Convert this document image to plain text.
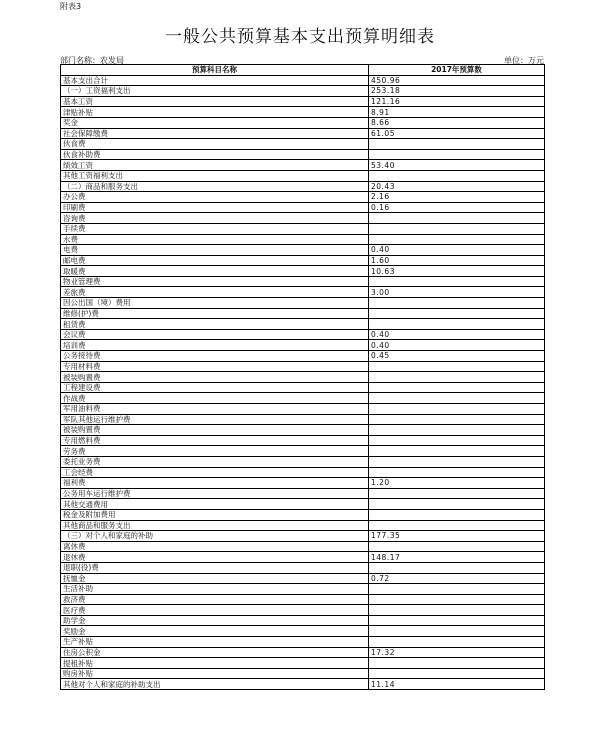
附表3
一般公共预算基本支出预算明细表
部门名称：农发局	单位：万元
预算科目名称	2017年预算数
基本支出合计	450.96
（一）工资福利支出	253.18
基本工资	121.16
津贴补贴	8.91
奖金	8.66
社会保障缴费	61.05
伙食费	
伙食补助费	
绩效工资	53.40
其他工资福利支出	
（二）商品和服务支出	20.43
办公费	2.16
印刷费	0.16
咨询费	
手续费	
水费	
电费	0.40
邮电费	1.60
取暖费	10.63
物业管理费	
差旅费	3.00
因公出国（境）费用	
维修(护)费	
租赁费	
会议费	0.40
培训费	0.40
公务接待费	0.45
专用材料费	
被装购置费	
工程建设费	
作战费	
军用油料费	
军队其他运行维护费	
被装购置费	
专用燃料费	
劳务费	
委托业务费	
工会经费	
福利费	1.20
公务用车运行维护费	
其他交通费用	
税金及附加费用	
其他商品和服务支出	
（三）对个人和家庭的补助	177.35
离休费	
退休费	148.17
退职(役)费	
抚恤金	0.72
生活补助	
救济费	
医疗费	
助学金	
奖励金	
生产补贴	
住房公积金	17.32
提租补贴	
购房补贴	
其他对个人和家庭的补助支出	11.14
